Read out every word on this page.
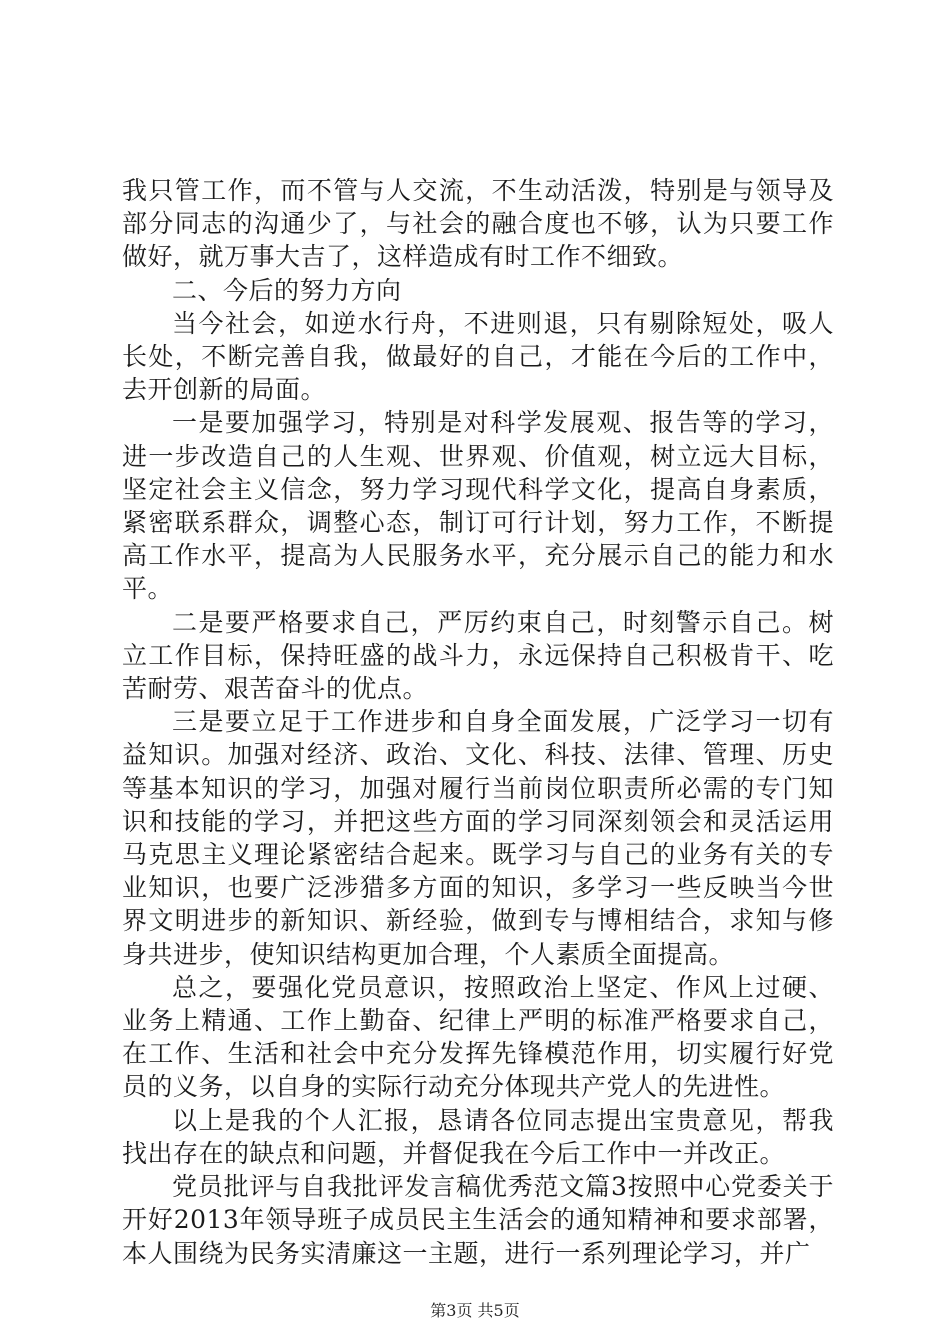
我只管工作，而不管与人交流，不生动活泼，特别是与领导及部分同志的沟通少了，与社会的融合度也不够，认为只要工作做好，就万事大吉了，这样造成有时工作不细致。

二、今后的努力方向

当今社会，如逆水行舟，不进则退，只有剔除短处，吸人长处，不断完善自我，做最好的自己，才能在今后的工作中，去开创新的局面。

一是要加强学习，特别是对科学发展观、报告等的学习，进一步改造自己的人生观、世界观、价值观，树立远大目标，坚定社会主义信念，努力学习现代科学文化，提高自身素质，紧密联系群众，调整心态，制订可行计划，努力工作，不断提高工作水平，提高为人民服务水平，充分展示自己的能力和水平。

二是要严格要求自己，严厉约束自己，时刻警示自己。树立工作目标，保持旺盛的战斗力，永远保持自己积极肯干、吃苦耐劳、艰苦奋斗的优点。

三是要立足于工作进步和自身全面发展，广泛学习一切有益知识。加强对经济、政治、文化、科技、法律、管理、历史等基本知识的学习，加强对履行当前岗位职责所必需的专门知识和技能的学习，并把这些方面的学习同深刻领会和灵活运用马克思主义理论紧密结合起来。既学习与自己的业务有关的专业知识，也要广泛涉猎多方面的知识，多学习一些反映当今世界文明进步的新知识、新经验，做到专与博相结合，求知与修身共进步，使知识结构更加合理，个人素质全面提高。

总之，要强化党员意识，按照政治上坚定、作风上过硬、业务上精通、工作上勤奋、纪律上严明的标准严格要求自己，在工作、生活和社会中充分发挥先锋模范作用，切实履行好党员的义务，以自身的实际行动充分体现共产党人的先进性。

以上是我的个人汇报，恳请各位同志提出宝贵意见，帮我找出存在的缺点和问题，并督促我在今后工作中一并改正。

党员批评与自我批评发言稿优秀范文篇3按照中心党委关于开好2013年领导班子成员民主生活会的通知精神和要求部署，本人围绕为民务实清廉这一主题，进行一系列理论学习，并广

第3页 共5页
